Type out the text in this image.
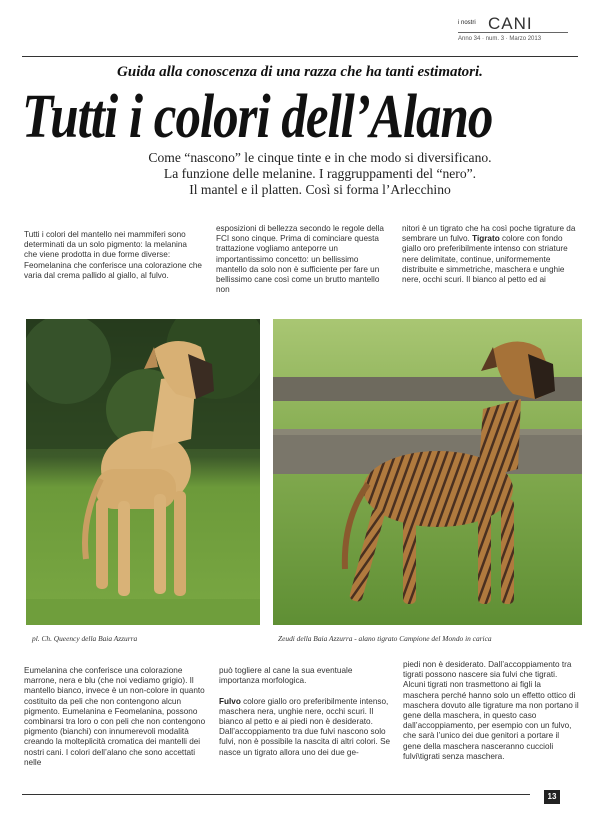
i nostri CANI
Anno 34 · num. 3 · Marzo 2013
Guida alla conoscenza di una razza che ha tanti estimatori.
Tutti i colori dell’Alano
Come “nascono” le cinque tinte e in che modo si diversificano.
La funzione delle melanine. I raggruppamenti del “nero”.
Il mantel e il platten. Così si forma l’Arlecchino
Tutti i colori del mantello nei mammiferi sono determinati da un solo pigmento: la melanina che viene prodotta in due forme diverse: Feomelanina che conferisce una colorazione che varia dal crema pallido al giallo, al fulvo.
esposizioni di bellezza secondo le regole della FCI sono cinque. Prima di cominciare questa trattazione vogliamo anteporre un importantissimo concetto: un bellissimo mantello da solo non è sufficiente per fare un bellissimo cane così come un brutto mantello non
nitori è un tigrato che ha così poche tigrature da sembrare un fulvo. Tigrato colore con fondo giallo oro preferibilmente intenso con striature nere delimitate, continue, uniformemente distribuite e simmetriche, maschera e unghie nere, occhi scuri. Il bianco al petto ed ai
pl. Ch. Queency della Baia Azzurra	Zeudi della Baia Azzurra - alano tigrato Campione del Mondo in carica
Eumelanina che conferisce una colorazione marrone, nera e blu (che noi vediamo grigio). Il mantello bianco, invece è un non-colore in quanto costituito da peli che non contengono alcun pigmento. Eumelanina e Feomelanina, possono combinarsi tra loro o con peli che non contengono pigmento (bianchi) con innumerevoli modalità creando la molteplicità cromatica dei mantelli dei nostri cani. I colori dell’alano che sono accettati nelle
può togliere al cane la sua eventuale importanza morfologica.

Fulvo colore giallo oro preferibilmente intenso, maschera nera, unghie nere, occhi scuri. Il bianco al petto e ai piedi non è desiderato. Dall’accoppiamento tra due fulvi nascono solo fulvi, non è possibile la nascita di altri colori. Se nasce un tigrato allora uno dei due ge-
piedi non è desiderato. Dall’accoppiamento tra tigrati possono nascere sia fulvi che tigrati. Alcuni tigrati non trasmettono ai figli la maschera perché hanno solo un effetto ottico di maschera dovuto alle tigrature ma non portano il gene della maschera, in questo caso dall’accoppiamento, per esempio con un fulvo, che sarà l’unico dei due genitori a portare il gene della maschera nasceranno cuccioli fulvi\tigrati senza maschera.
13
